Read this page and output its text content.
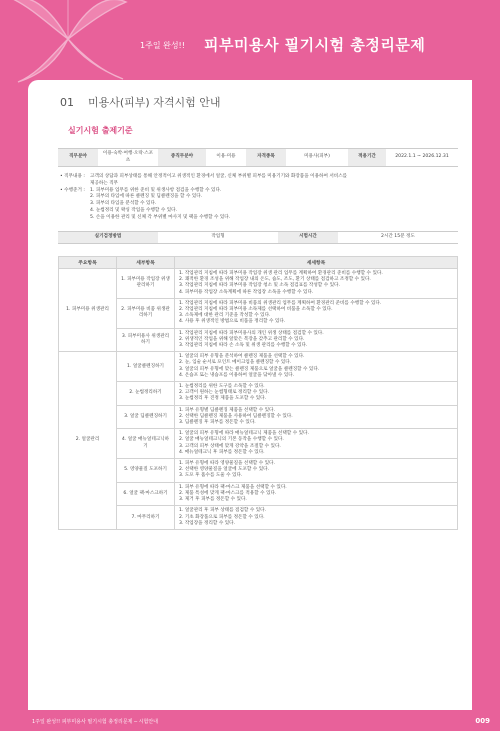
1주일 완성!! 피부미용사 필기시험 총정리문제
01 미용사(피부) 자격시험 안내
실기시험 출제기준
직무분야	이용·숙박·여행·오락·스포츠	중직무분야	이용·미용	자격종목	미용사(피부)	적용기간	2022.1.1 ~ 2026.12.31
• 직무내용 :	고객의 상담과 피부상태를 통해 안정적이고 위생적인 환경에서 얼굴, 신체 부위별 피부를 미용기기와 화장품을 이용하여 서비스를
제공하는 직무
• 수행준거 :	1. 피부미용 업무를 위한 준비 및 위생사항 점검을 수행할 수 있다.
2. 피부의 타입에 따른 클렌징 및 딥클렌징을 할 수 있다.
3. 피부의 타입을 분석할 수 있다.
4. 눈썹정리 및 왁싱 작업을 수행할 수 있다.
5. 손을 이용한 관리 및 신체 각 부위별 마사지 및 팩을 수행할 수 있다.
실기검정방법	작업형	시험시간	2시간 15분 정도
주요항목	세부항목	세세항목
1. 피부미용 위생관리	1. 피부미용 작업장 위생관리하기	1. 작업관리 지침에 따라 피부미용 작업장 위생 관리 업무를 계획하여 환경관리 준비를 수행할 수 있다.
2. 쾌적한 환경 조성을 위해 작업장 내의 온도, 습도, 조도, 환기 상태를 점검하고 조정할 수 있다.
3. 작업관리 지침에 따라 피부미용 작업장 청소 및 소독 점검표를 작성할 수 있다.
4. 피부미용 작업장 소독계획에 따른 작업장 소독을 수행할 수 있다.

	2. 피부미용 비품 위생관리하기	1. 작업관리 지침에 따라 피부미용 비품의 위생관리 업무를 계획하여 환경관리 준비를 수행할 수 있다.
2. 작업관리 지침에 따라 피부미용 소독제를 선택하여 비품을 소독할 수 있다.
3. 소독제에 대한 관리 기준을 작성할 수 있다.
4. 사용 후 위생적인 방법으로 비품을 정리할 수 있다.

	3. 피부미용사 위생관리하기	1. 작업관리 지침에 따라 피부미용사의 개인 위생 상태를 점검할 수 있다.
2. 위생적인 작업을 위해 알맞은 복장을 갖추고 관리할 수 있다.
3. 작업관리 지침에 따라 손 소독 및 위생 관리를 수행할 수 있다.

2. 얼굴관리	1. 얼굴클렌징하기	1. 얼굴의 피부 유형을 분석하여 클렌징 제품을 선택할 수 있다.
2. 눈, 입술 순서로 포인트 메이크업을 클렌징할 수 있다.
3. 얼굴의 피부 유형에 맞는 클렌징 제품으로 얼굴을 클렌징할 수 있다.
4. 온습포 또는 냉습포를 이용하여 얼굴을 닦아낼 수 있다.

	2. 눈썹정리하기	1. 눈썹정리를 위한 도구를 소독할 수 있다.
2. 고객이 원하는 눈썹형태로 정리할 수 있다.
3. 눈썹정리 후 진정 제품을 도포할 수 있다.

	3. 얼굴 딥클렌징하기	1. 피부 유형별 딥클렌징 제품을 선택할 수 있다.
2. 선택한 딥클렌징 제품을 사용하여 딥클렌징할 수 있다.
3. 딥클렌징 후 피부를 정돈할 수 있다.

	4. 얼굴 매뉴얼테크닉하기	1. 얼굴의 피부 유형에 따라 매뉴얼테크닉 제품을 선택할 수 있다.
2. 얼굴 매뉴얼테크닉의 기본 동작을 수행할 수 있다.
3. 고객의 피부 상태에 맞게 강약을 조절할 수 있다.
4. 매뉴얼테크닉 후 피부를 정돈할 수 있다.

	5. 영양물질 도포하기	1. 피부 유형에 따라 영양물질을 선택할 수 있다.
2. 선택한 영양물질을 얼굴에 도포할 수 있다.
3. 도포 후 흡수를 도울 수 있다.

	6. 얼굴 팩·마스크하기	1. 피부 유형에 따라 팩·마스크 제품을 선택할 수 있다.
2. 제품 특성에 맞게 팩·마스크를 적용할 수 있다.
3. 제거 후 피부를 정돈할 수 있다.

	7. 마무리하기	1. 얼굴관리 후 피부 상태를 점검할 수 있다.
2. 기초 화장품으로 피부를 정돈할 수 있다.
3. 작업장을 정리할 수 있다.
1주일 완성!! 피부미용사 필기시험 총정리문제 ─ 시험안내	009
